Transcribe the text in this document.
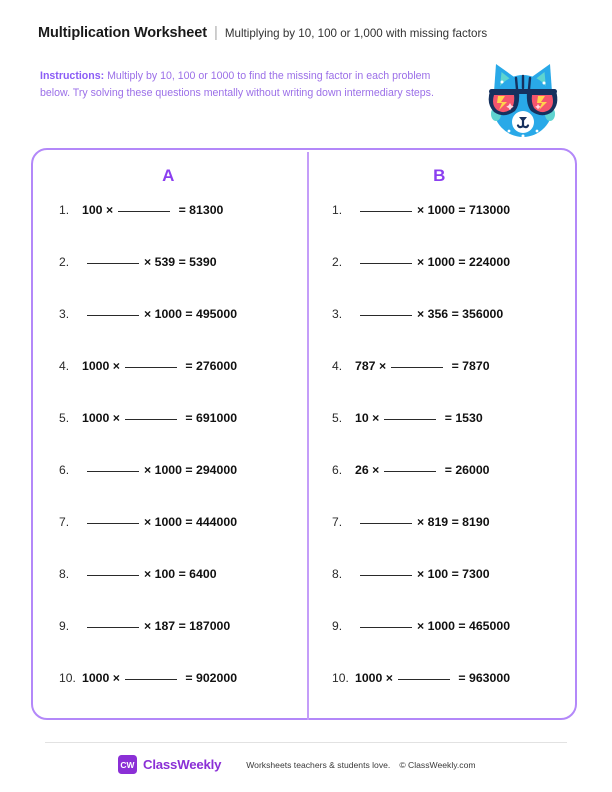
Multiplication Worksheet | Multiplying by 10, 100 or 1,000 with missing factors
Instructions: Multiply by 10, 100 or 1000 to find the missing factor in each problem below. Try solving these questions mentally without writing down intermediary steps.
A
1.	100
×
	=
81300
2.	×
539
=
5390
3.	×
1000
=
495000
4.	1000
×
	=
276000
5.	1000
×
	=
691000
6.	×
1000
=
294000
7.	×
1000
=
444000
8.	×
100
=
6400
9.	×
187
=
187000
10. 1000
×
	=
902000
B
1.	×
1000
=
713000
2.	×
1000
=
224000
3.	×
356
=
356000
4.	787
×
	=
7870
5.	10
×
	=
1530
6.	26
×
	=
26000
7.	×
819
=
8190
8.	×
100
=
7300
9.	×
1000
=
465000
10. 1000
×
	=
963000
CW ClassWeekly	Worksheets teachers & students love. © ClassWeekly.com
